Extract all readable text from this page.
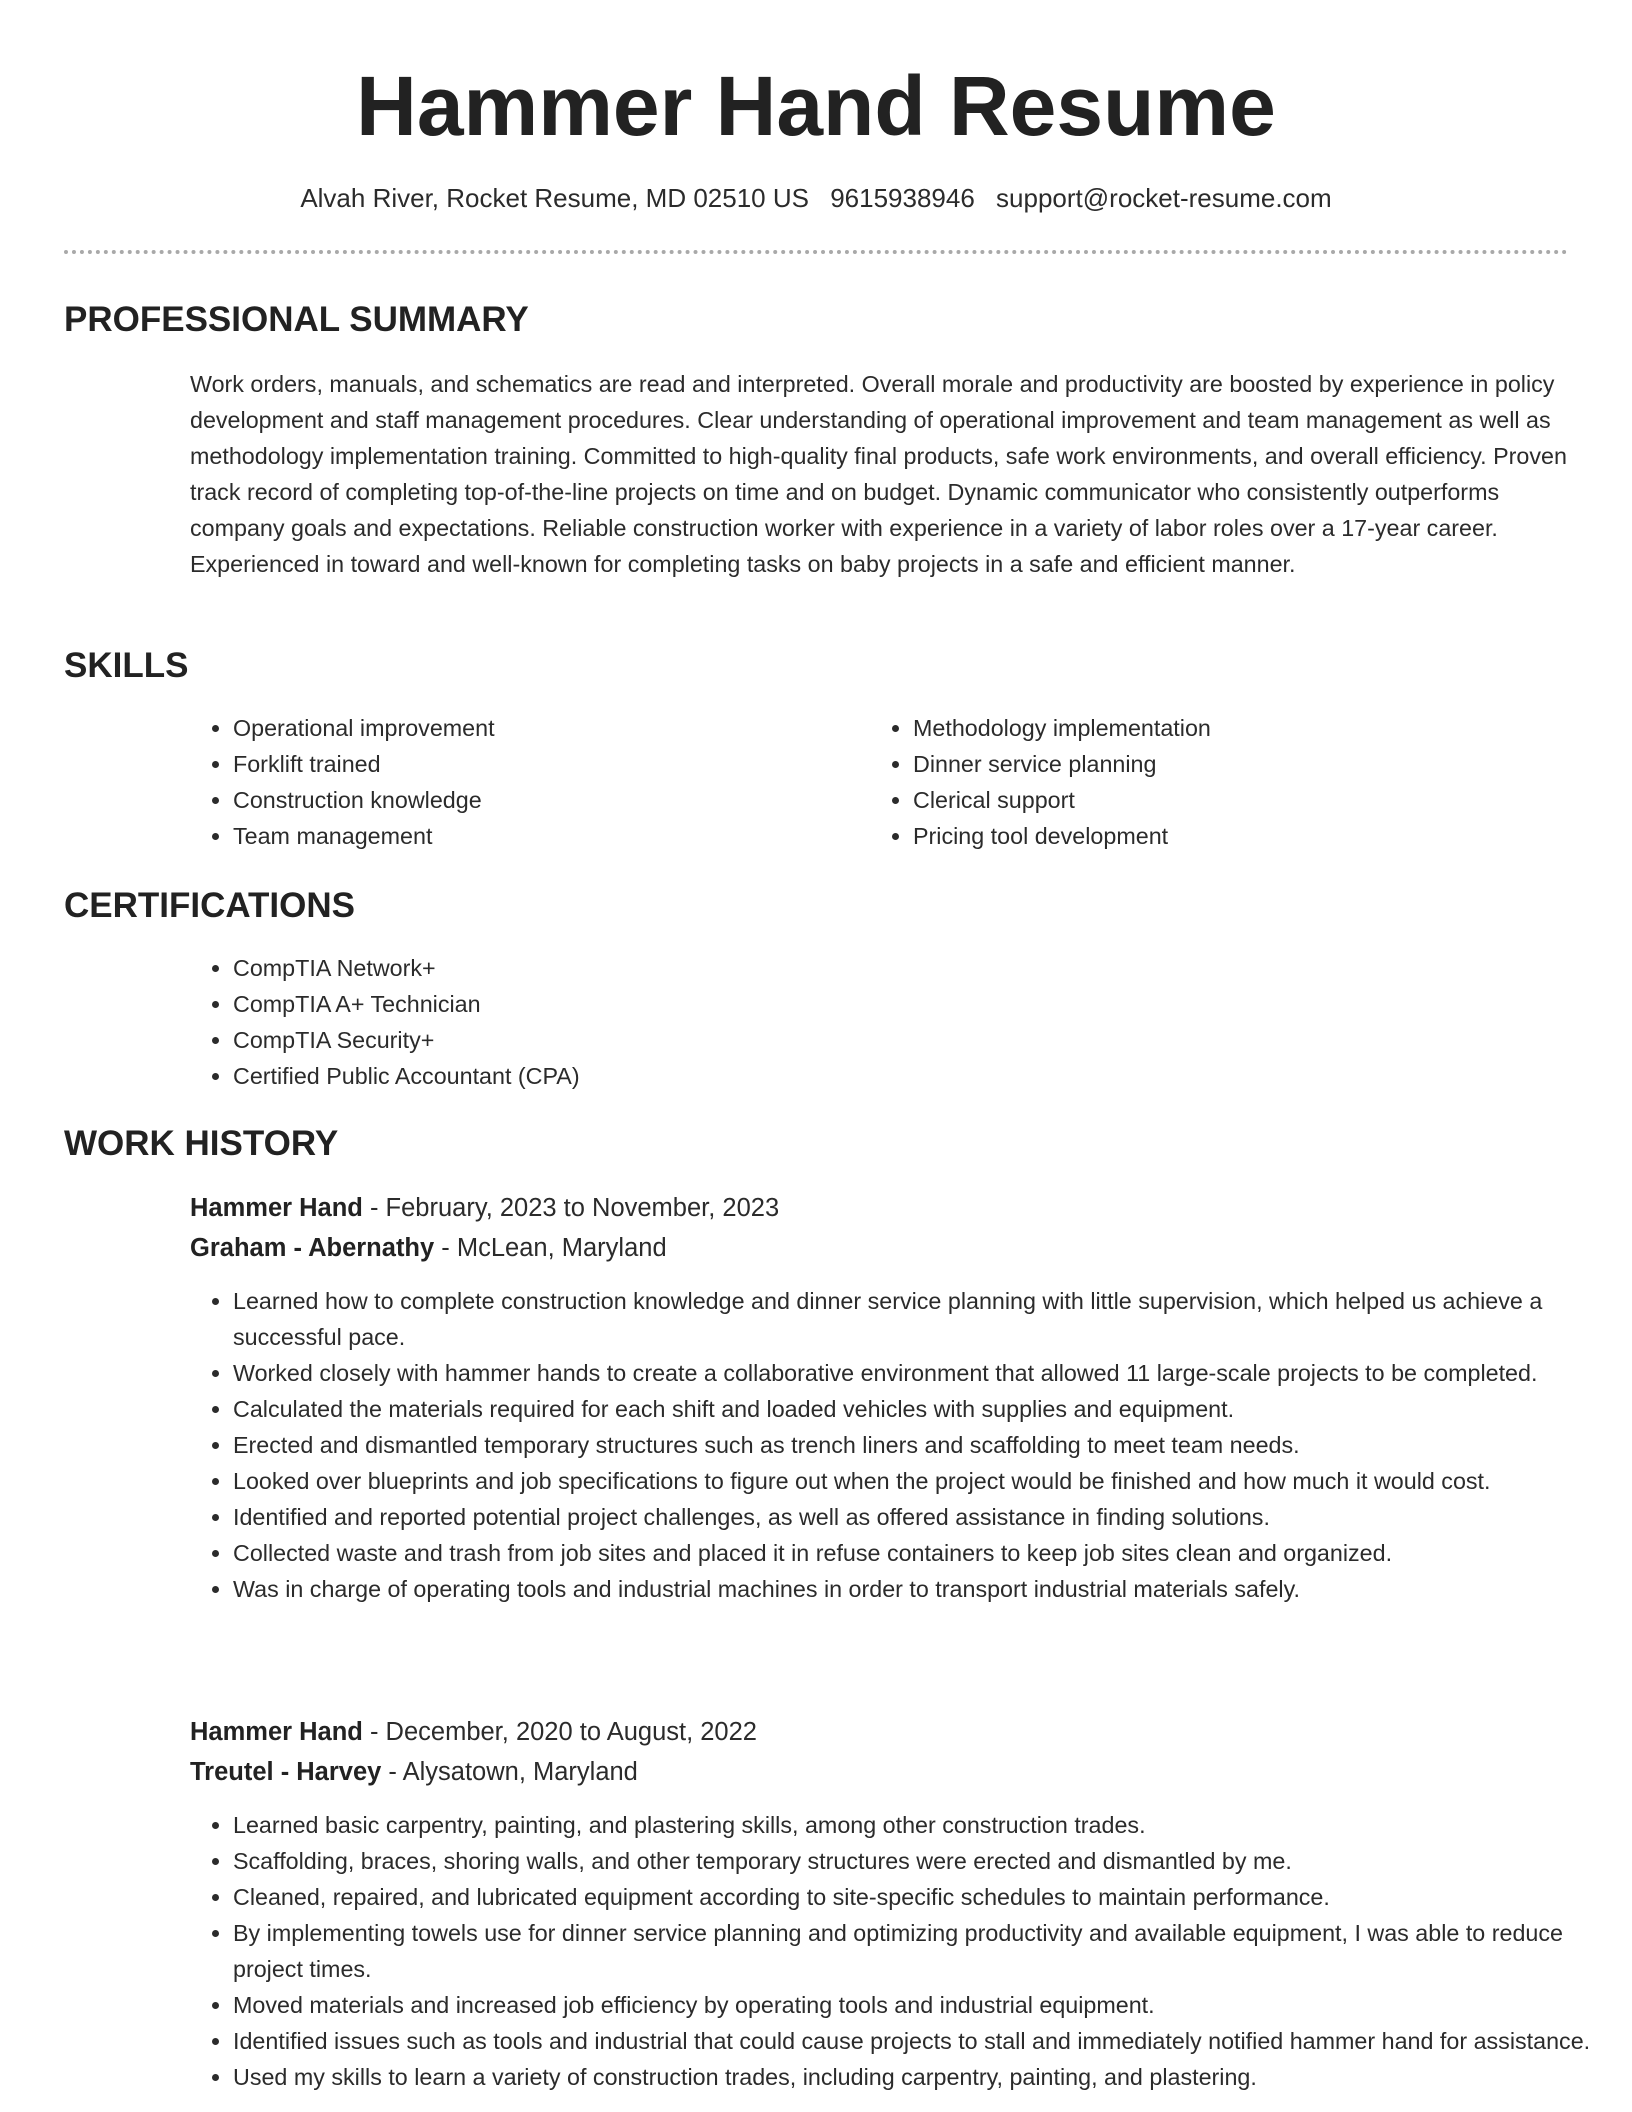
Hammer Hand Resume
Alvah River, Rocket Resume, MD 02510 US 9615938946 support@rocket-resume.com
PROFESSIONAL SUMMARY

Work orders, manuals, and schematics are read and interpreted. Overall morale and productivity are boosted by experience in policy development and staff management procedures. Clear understanding of operational improvement and team management as well as methodology implementation training. Committed to high-quality final products, safe work environments, and overall efficiency. Proven track record of completing top-of-the-line projects on time and on budget. Dynamic communicator who consistently outperforms company goals and expectations. Reliable construction worker with experience in a variety of labor roles over a 17-year career. Experienced in toward and well-known for completing tasks on baby projects in a safe and efficient manner.

SKILLS
• Operational improvement
• Forklift trained
• Construction knowledge
• Team management
• Methodology implementation
• Dinner service planning
• Clerical support
• Pricing tool development
CERTIFICATIONS
• CompTIA Network+
• CompTIA A+ Technician
• CompTIA Security+
• Certified Public Accountant (CPA)
WORK HISTORY
Hammer Hand - February, 2023 to November, 2023
Graham - Abernathy - McLean, Maryland
• Learned how to complete construction knowledge and dinner service planning with little supervision, which helped us achieve a successful pace.
• Worked closely with hammer hands to create a collaborative environment that allowed 11 large-scale projects to be completed.
• Calculated the materials required for each shift and loaded vehicles with supplies and equipment.
• Erected and dismantled temporary structures such as trench liners and scaffolding to meet team needs.
• Looked over blueprints and job specifications to figure out when the project would be finished and how much it would cost.
• Identified and reported potential project challenges, as well as offered assistance in finding solutions.
• Collected waste and trash from job sites and placed it in refuse containers to keep job sites clean and organized.
• Was in charge of operating tools and industrial machines in order to transport industrial materials safely.
Hammer Hand - December, 2020 to August, 2022
Treutel - Harvey - Alysatown, Maryland
• Learned basic carpentry, painting, and plastering skills, among other construction trades.
• Scaffolding, braces, shoring walls, and other temporary structures were erected and dismantled by me.
• Cleaned, repaired, and lubricated equipment according to site-specific schedules to maintain performance.
• By implementing towels use for dinner service planning and optimizing productivity and available equipment, I was able to reduce project times.
• Moved materials and increased job efficiency by operating tools and industrial equipment.
• Identified issues such as tools and industrial that could cause projects to stall and immediately notified hammer hand for assistance.
• Used my skills to learn a variety of construction trades, including carpentry, painting, and plastering.
